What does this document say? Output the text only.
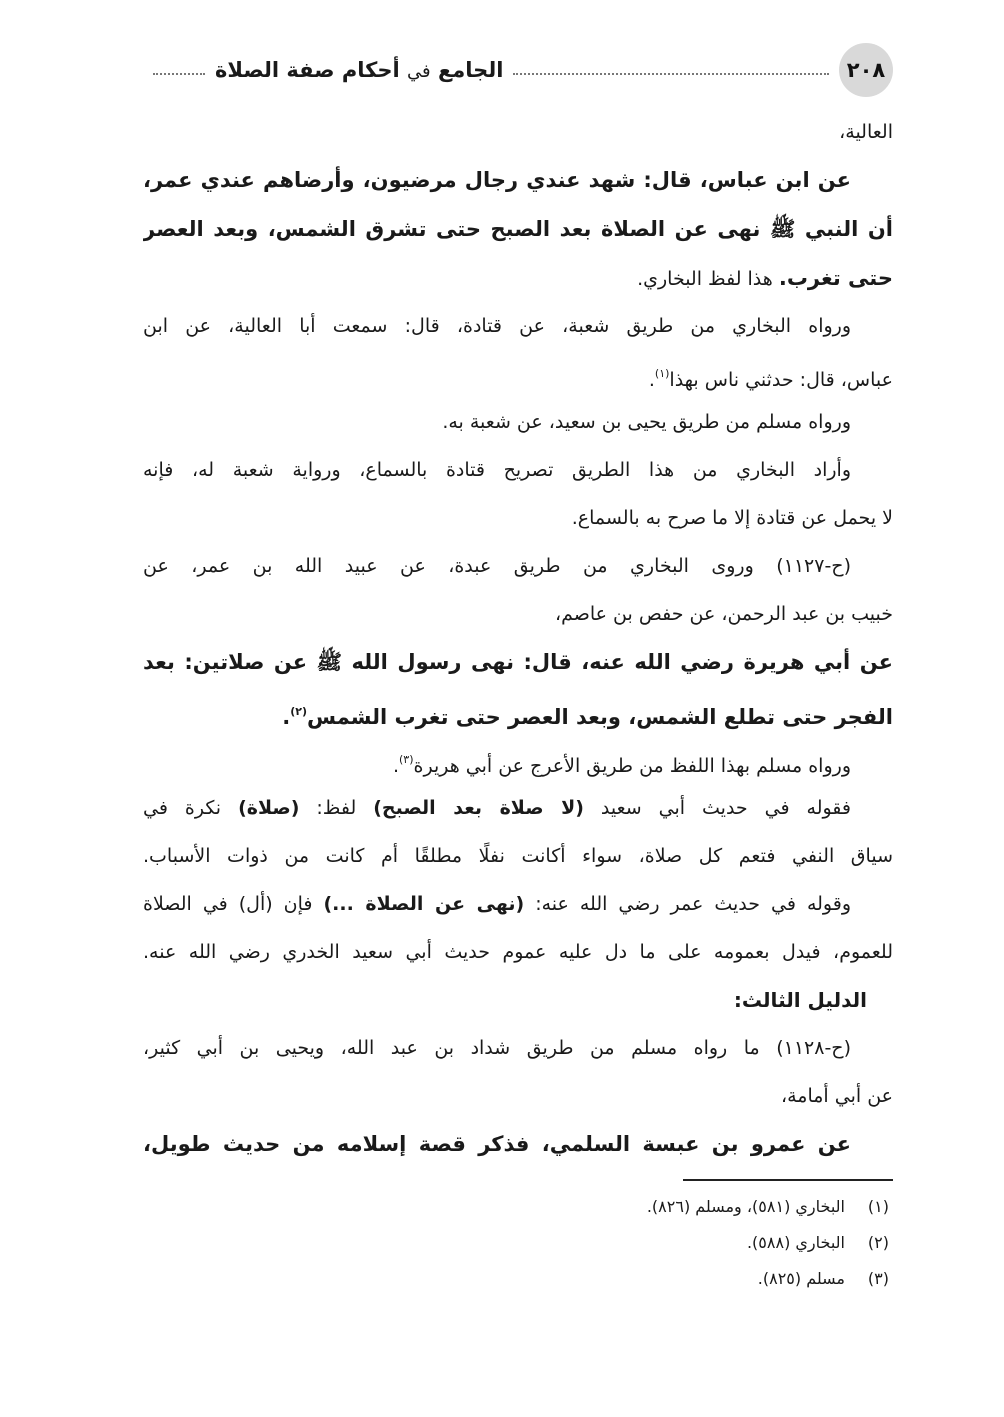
٢٠٨
الجامع في أحكام صفة الصلاة
العالية،
عن ابن عباس، قال: شهد عندي رجال مرضيون، وأرضاهم عندي عمر،
أن النبي ﷺ نهى عن الصلاة بعد الصبح حتى تشرق الشمس، وبعد العصر
حتى تغرب. هذا لفظ البخاري.
ورواه البخاري من طريق شعبة، عن قتادة، قال: سمعت أبا العالية، عن ابن
عباس، قال: حدثني ناس بهذا$^{(١)}$.
ورواه مسلم من طريق يحيى بن سعيد، عن شعبة به.
وأراد البخاري من هذا الطريق تصريح قتادة بالسماع، ورواية شعبة له، فإنه
لا يحمل عن قتادة إلا ما صرح به بالسماع.
(ح-١١٢٧) وروى البخاري من طريق عبدة، عن عبيد الله بن عمر، عن
خبيب بن عبد الرحمن، عن حفص بن عاصم،
عن أبي هريرة رضي الله عنه، قال: نهى رسول الله ﷺ عن صلاتين: بعد
الفجر حتى تطلع الشمس، وبعد العصر حتى تغرب الشمس$^{(٢)}$.
ورواه مسلم بهذا اللفظ من طريق الأعرج عن أبي هريرة$^{(٣)}$.
فقوله في حديث أبي سعيد (لا صلاة بعد الصبح) لفظ: (صلاة) نكرة في
سياق النفي فتعم كل صلاة، سواء أكانت نفلًا مطلقًا أم كانت من ذوات الأسباب.
وقوله في حديث عمر رضي الله عنه: (نهى عن الصلاة ...) فإن (أل) في الصلاة
للعموم، فيدل بعمومه على ما دل عليه عموم حديث أبي سعيد الخدري رضي الله عنه.
الدليل الثالث:
(ح-١١٢٨) ما رواه مسلم من طريق شداد بن عبد الله، ويحيى بن أبي كثير،
عن أبي أمامة،
عن عمرو بن عبسة السلمي، فذكر قصة إسلامه من حديث طويل،
(١)البخاري (٥٨١)، ومسلم (٨٢٦).
(٢)البخاري (٥٨٨).
(٣)مسلم (٨٢٥).
